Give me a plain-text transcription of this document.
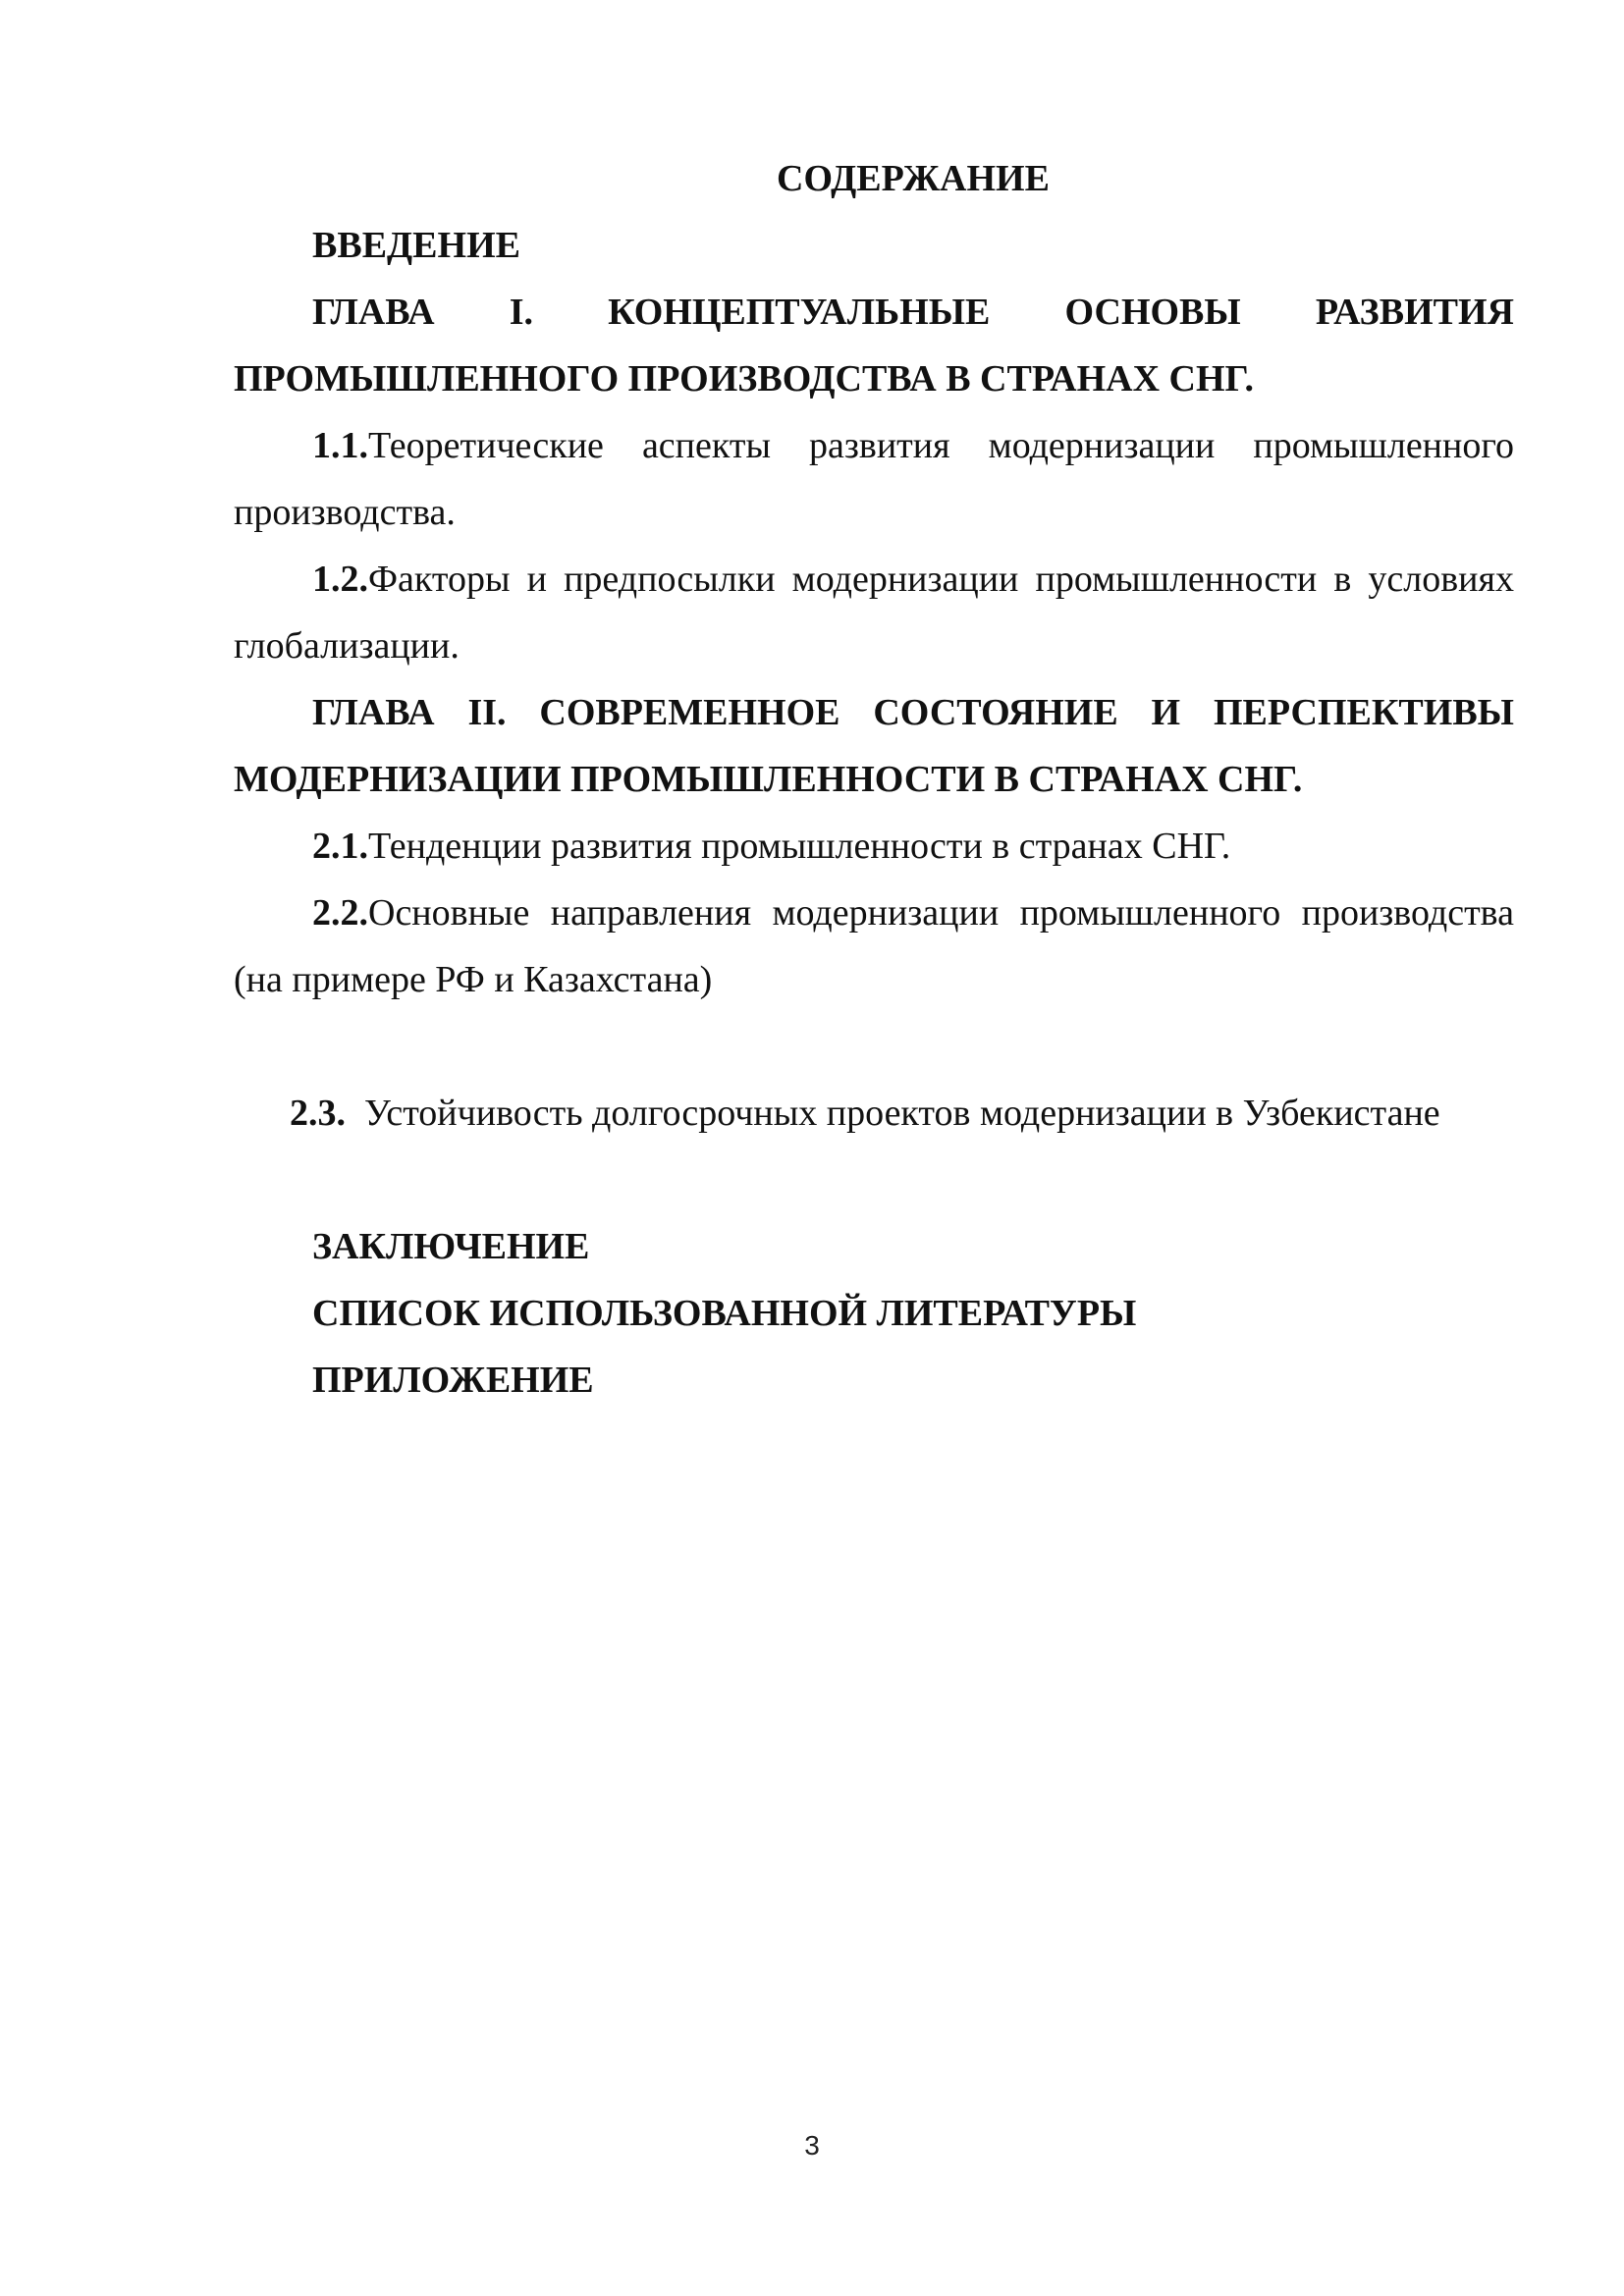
СОДЕРЖАНИЕ

ВВЕДЕНИЕ

ГЛАВА I. КОНЦЕПТУАЛЬНЫЕ ОСНОВЫ РАЗВИТИЯ ПРОМЫШЛЕННОГО ПРОИЗВОДСТВА В СТРАНАХ СНГ.

1.1.Теоретические аспекты развития модернизации промышленного производства.

1.2.Факторы и предпосылки модернизации промышленности в условиях глобализации.

ГЛАВА II. СОВРЕМЕННОЕ СОСТОЯНИЕ И ПЕРСПЕКТИВЫ МОДЕРНИЗАЦИИ ПРОМЫШЛЕННОСТИ В СТРАНАХ СНГ.

2.1.Тенденции развития промышленности в странах СНГ.

2.2.Основные направления модернизации промышленного производства (на примере РФ и Казахстана)

2.3.  Устойчивость долгосрочных проектов модернизации в Узбекистане

ЗАКЛЮЧЕНИЕ

СПИСОК ИСПОЛЬЗОВАННОЙ ЛИТЕРАТУРЫ

ПРИЛОЖЕНИЕ

3
